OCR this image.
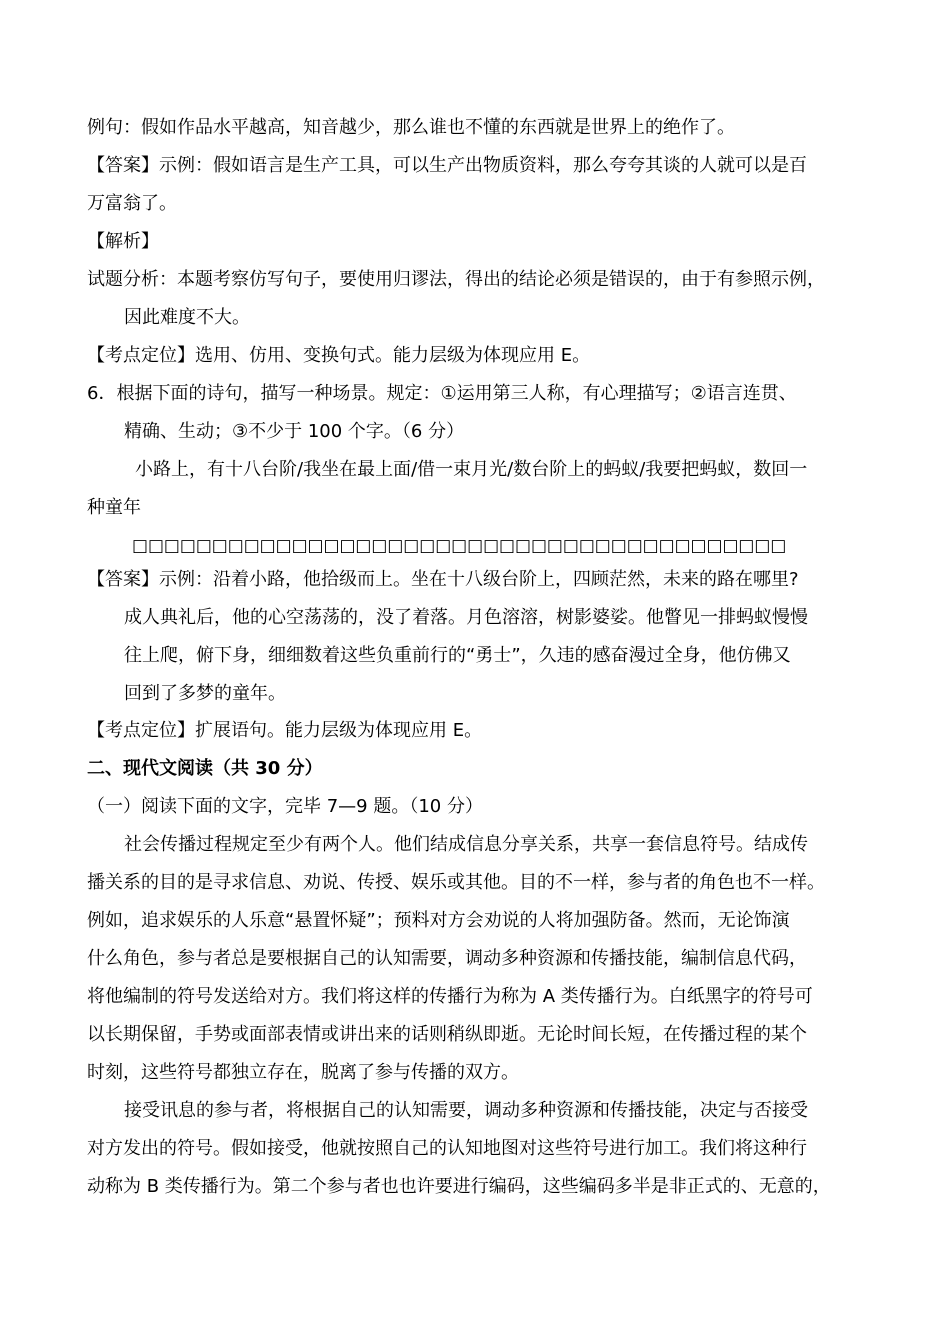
例句：假如作品水平越高，知音越少，那么谁也不懂的东西就是世界上的绝作了。
【答案】示例：假如语言是生产工具，可以生产出物质资料，那么夸夸其谈的人就可以是百
万富翁了。
【解析】
试题分析：本题考察仿写句子，要使用归谬法，得出的结论必须是错误的，由于有参照示例，
因此难度不大。
【考点定位】选用、仿用、变换句式。能力层级为体现应用 E。
6．根据下面的诗句，描写一种场景。规定：①运用第三人称，有心理描写；②语言连贯、
精确、生动；③不少于 100 个字。（6 分）
小路上，有十八台阶/我坐在最上面/借一束月光/数台阶上的蚂蚁/我要把蚂蚁，数回一
种童年
□□□□□□□□□□□□□□□□□□□□□□□□□□□□□□□□□□□□□□□□□
【答案】示例：沿着小路，他拾级而上。坐在十八级台阶上，四顾茫然，未来的路在哪里?
成人典礼后，他的心空荡荡的，没了着落。月色溶溶，树影婆娑。他瞥见一排蚂蚁慢慢
往上爬，俯下身，细细数着这些负重前行的“勇士”，久违的感奋漫过全身，他仿佛又
回到了多梦的童年。
【考点定位】扩展语句。能力层级为体现应用 E。
二、现代文阅读（共 30 分）
（一）阅读下面的文字，完毕 7—9 题。（10 分）
社会传播过程规定至少有两个人。他们结成信息分享关系，共享一套信息符号。结成传
播关系的目的是寻求信息、劝说、传授、娱乐或其他。目的不一样，参与者的角色也不一样。
例如，追求娱乐的人乐意“悬置怀疑”；预料对方会劝说的人将加强防备。然而，无论饰演
什么角色，参与者总是要根据自己的认知需要，调动多种资源和传播技能，编制信息代码，
将他编制的符号发送给对方。我们将这样的传播行为称为 A 类传播行为。白纸黑字的符号可
以长期保留，手势或面部表情或讲出来的话则稍纵即逝。无论时间长短，在传播过程的某个
时刻，这些符号都独立存在，脱离了参与传播的双方。
接受讯息的参与者，将根据自己的认知需要，调动多种资源和传播技能，决定与否接受
对方发出的符号。假如接受，他就按照自己的认知地图对这些符号进行加工。我们将这种行
动称为 B 类传播行为。第二个参与者也也许要进行编码，这些编码多半是非正式的、无意的，
